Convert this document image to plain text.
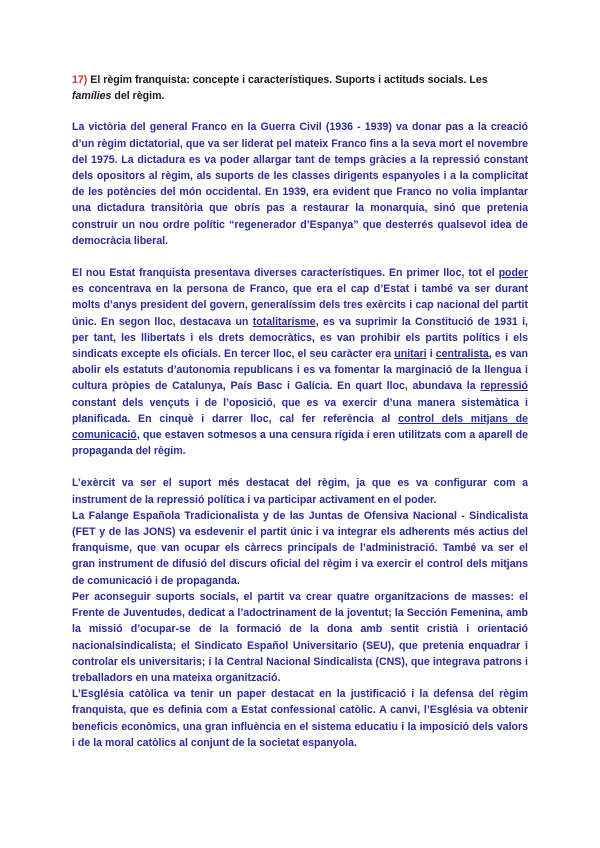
17) El règim franquista: concepte i característiques. Suports i actituds socials. Les famílies del règim.

La victòria del general Franco en la Guerra Civil (1936 - 1939) va donar pas a la creació d’un règim dictatorial, que va ser liderat pel mateix Franco fins a la seva mort el novembre del 1975. La dictadura es va poder allargar tant de temps gràcies a la repressió constant dels opositors al règim, als suports de les classes dirigents espanyoles i a la complicitat de les potències del món occidental. En 1939, era evident que Franco no volia implantar una dictadura transitòria que obrís pas a restaurar la monarquia, sinó que pretenia construir un nou ordre polític “regenerador d’Espanya” que desterrés qualsevol idea de democràcia liberal.

El nou Estat franquista presentava diverses característiques. En primer lloc, tot el poder es concentrava en la persona de Franco, que era el cap d’Estat i també va ser durant molts d’anys president del govern, generalíssim dels tres exèrcits i cap nacional del partit únic. En segon lloc, destacava un totalitarisme, es va suprimir la Constitució de 1931 i, per tant, les llibertats i els drets democràtics, es van prohibir els partits polítics i els sindicats excepte els oficials. En tercer lloc, el seu caràcter era unitari i centralista, es van abolir els estatuts d’autonomia republicans i es va fomentar la marginació de la llengua i cultura pròpies de Catalunya, País Basc i Galícia. En quart lloc, abundava la repressió constant dels vençuts i de l’oposició, que es va exercir d’una manera sistemàtica i planificada. En cinquè i darrer lloc, cal fer referència al control dels mitjans de comunicació, que estaven sotmesos a una censura rígida i eren utilitzats com a aparell de propaganda del règim.

L’exèrcit va ser el suport més destacat del règim, ja que es va configurar com a instrument de la repressió política i va participar activament en el poder.

La Falange Española Tradicionalista y de las Juntas de Ofensiva Nacional - Sindicalista (FET y de las JONS) va esdevenir el partit únic i va integrar els adherents més actius del franquisme, que van ocupar els càrrecs principals de l’administració. També va ser el gran instrument de difusió del discurs oficial del règim i va exercir el control dels mitjans de comunicació i de propaganda.

Per aconseguir suports socials, el partit va crear quatre organitzacions de masses: el Frente de Juventudes, dedicat a l’adoctrinament de la joventut; la Sección Femenina, amb la missió d’ocupar-se de la formació de la dona amb sentit cristià i orientació nacionalsindicalista; el Sindicato Español Universitario (SEU), que pretenia enquadrar i controlar els universitaris; i la Central Nacional Sindicalista (CNS), que integrava patrons i treballadors en una mateixa organització.

L’Església catòlica va tenir un paper destacat en la justificació i la defensa del règim franquista, que es definia com a Estat confessional catòlic. A canvi, l’Església va obtenir beneficis econòmics, una gran influència en el sistema educatiu i la imposició dels valors i de la moral catòlics al conjunt de la societat espanyola.
